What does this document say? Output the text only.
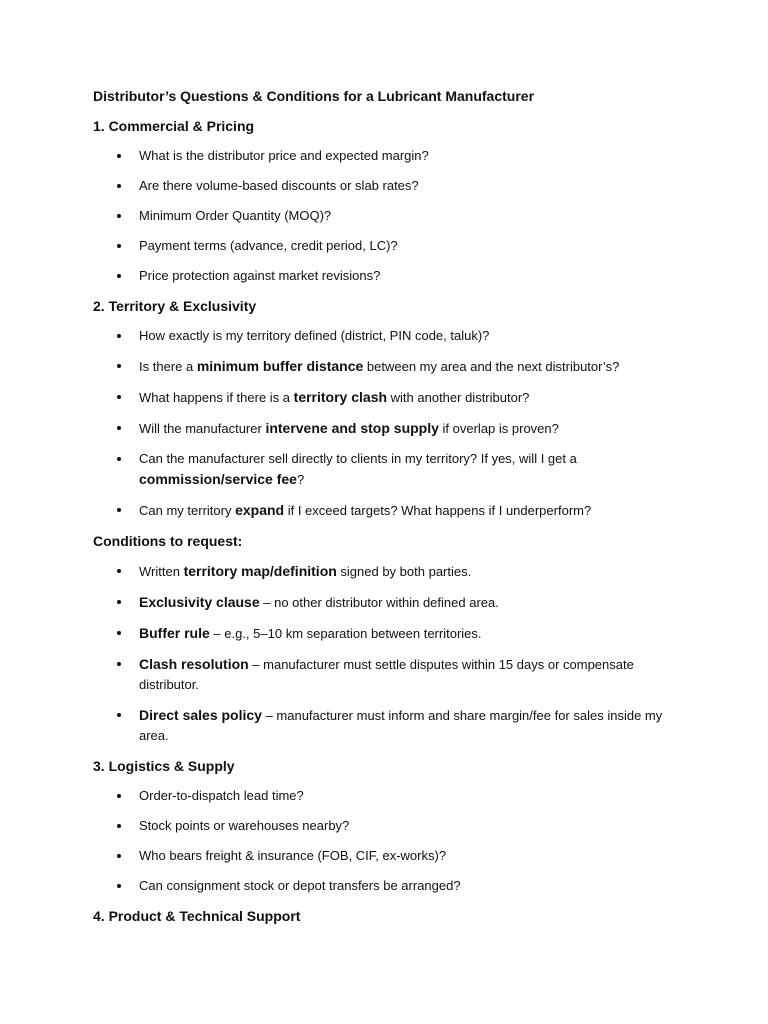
Distributor’s Questions & Conditions for a Lubricant Manufacturer

1. Commercial & Pricing

What is the distributor price and expected margin?
Are there volume-based discounts or slab rates?
Minimum Order Quantity (MOQ)?
Payment terms (advance, credit period, LC)?
Price protection against market revisions?

2. Territory & Exclusivity

How exactly is my territory defined (district, PIN code, taluk)?
Is there a minimum buffer distance between my area and the next distributor’s?
What happens if there is a territory clash with another distributor?
Will the manufacturer intervene and stop supply if overlap is proven?
Can the manufacturer sell directly to clients in my territory? If yes, will I get a commission/service fee?
Can my territory expand if I exceed targets? What happens if I underperform?

Conditions to request:

Written territory map/definition signed by both parties.
Exclusivity clause – no other distributor within defined area.
Buffer rule – e.g., 5–10 km separation between territories.
Clash resolution – manufacturer must settle disputes within 15 days or compensate distributor.
Direct sales policy – manufacturer must inform and share margin/fee for sales inside my area.

3. Logistics & Supply

Order-to-dispatch lead time?
Stock points or warehouses nearby?
Who bears freight & insurance (FOB, CIF, ex-works)?
Can consignment stock or depot transfers be arranged?

4. Product & Technical Support
